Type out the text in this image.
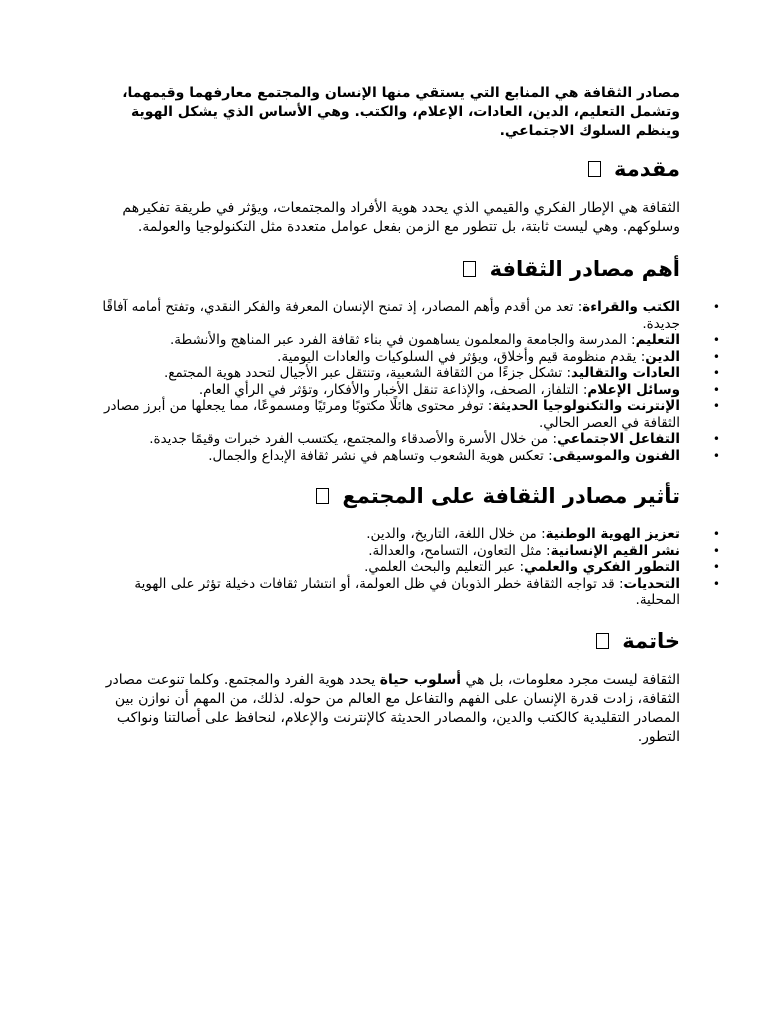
مصادر الثقافة هي المنابع التي يستقي منها الإنسان والمجتمع معارفهما وقيمهما، وتشمل التعليم، الدين، العادات، الإعلام، والكتب. وهي الأساس الذي يشكل الهوية وينظم السلوك الاجتماعي.

مقدمة

الثقافة هي الإطار الفكري والقيمي الذي يحدد هوية الأفراد والمجتمعات، ويؤثر في طريقة تفكيرهم وسلوكهم. وهي ليست ثابتة، بل تتطور مع الزمن بفعل عوامل متعددة مثل التكنولوجيا والعولمة.

أهم مصادر الثقافة
•
الكتب والقراءة: تعد من أقدم وأهم المصادر، إذ تمنح الإنسان المعرفة والفكر النقدي، وتفتح أمامه آفاقًا جديدة.
•
التعليم: المدرسة والجامعة والمعلمون يساهمون في بناء ثقافة الفرد عبر المناهج والأنشطة.
•
الدين: يقدم منظومة قيم وأخلاق، ويؤثر في السلوكيات والعادات اليومية.
•
العادات والتقاليد: تشكل جزءًا من الثقافة الشعبية، وتنتقل عبر الأجيال لتحدد هوية المجتمع.
•
وسائل الإعلام: التلفاز، الصحف، والإذاعة تنقل الأخبار والأفكار، وتؤثر في الرأي العام.
•
الإنترنت والتكنولوجيا الحديثة: توفر محتوى هائلًا مكتوبًا ومرئيًا ومسموعًا، مما يجعلها من أبرز مصادر الثقافة في العصر الحالي.
•
التفاعل الاجتماعي: من خلال الأسرة والأصدقاء والمجتمع، يكتسب الفرد خبرات وقيمًا جديدة.
•
الفنون والموسيقى: تعكس هوية الشعوب وتساهم في نشر ثقافة الإبداع والجمال.
تأثير مصادر الثقافة على المجتمع
•
تعزيز الهوية الوطنية: من خلال اللغة، التاريخ، والدين.
•
نشر القيم الإنسانية: مثل التعاون، التسامح، والعدالة.
•
التطور الفكري والعلمي: عبر التعليم والبحث العلمي.
•
التحديات: قد تواجه الثقافة خطر الذوبان في ظل العولمة، أو انتشار ثقافات دخيلة تؤثر على الهوية المحلية.
خاتمة

الثقافة ليست مجرد معلومات، بل هي أسلوب حياة يحدد هوية الفرد والمجتمع. وكلما تنوعت مصادر الثقافة، زادت قدرة الإنسان على الفهم والتفاعل مع العالم من حوله. لذلك، من المهم أن نوازن بين المصادر التقليدية كالكتب والدين، والمصادر الحديثة كالإنترنت والإعلام، لنحافظ على أصالتنا ونواكب التطور.
